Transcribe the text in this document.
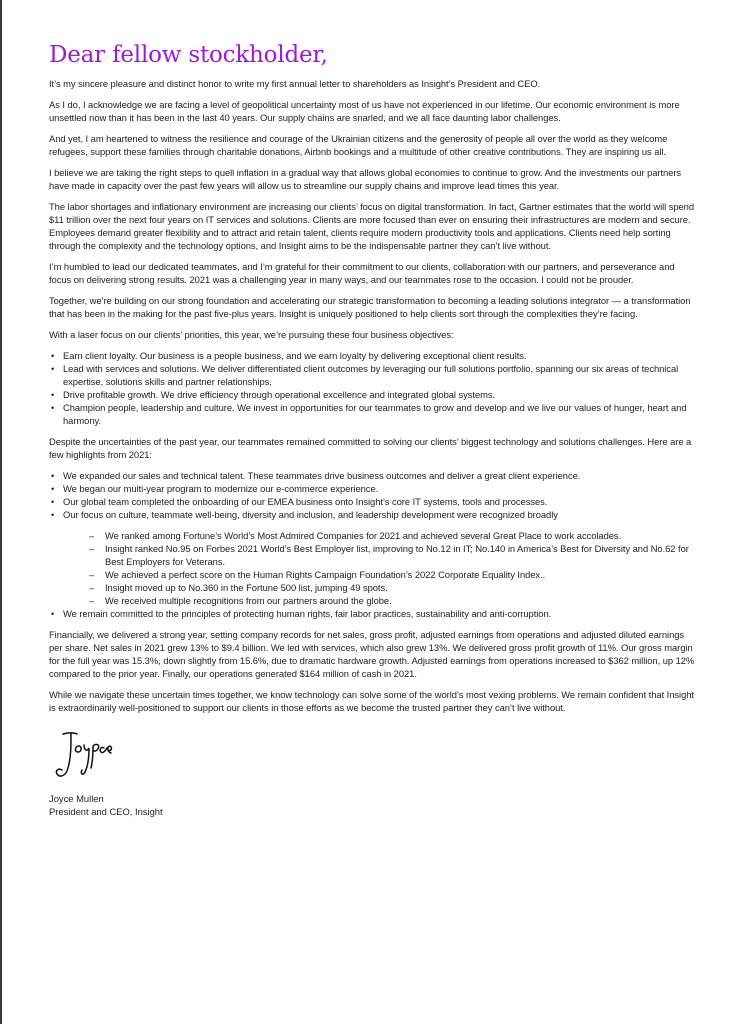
Dear fellow stockholder,

It’s my sincere pleasure and distinct honor to write my first annual letter to shareholders as Insight’s President and CEO.

As I do, I acknowledge we are facing a level of geopolitical uncertainty most of us have not experienced in our lifetime. Our economic environment is more unsettled now than it has been in the last 40 years. Our supply chains are snarled, and we all face daunting labor challenges.

And yet, I am heartened to witness the resilience and courage of the Ukrainian citizens and the generosity of people all over the world as they welcome refugees, support these families through charitable donations, Airbnb bookings and a multitude of other creative contributions. They are inspiring us all.

I believe we are taking the right steps to quell inflation in a gradual way that allows global economies to continue to grow. And the investments our partners have made in capacity over the past few years will allow us to streamline our supply chains and improve lead times this year.

The labor shortages and inflationary environment are increasing our clients’ focus on digital transformation. In fact, Gartner estimates that the world will spend $11 trillion over the next four years on IT services and solutions. Clients are more focused than ever on ensuring their infrastructures are modern and secure. Employees demand greater flexibility and to attract and retain talent, clients require modern productivity tools and applications. Clients need help sorting through the complexity and the technology options, and Insight aims to be the indispensable partner they can’t live without.

I’m humbled to lead our dedicated teammates, and I’m grateful for their commitment to our clients, collaboration with our partners, and perseverance and focus on delivering strong results. 2021 was a challenging year in many ways, and our teammates rose to the occasion. I could not be prouder.

Together, we’re building on our strong foundation and accelerating our strategic transformation to becoming a leading solutions integrator — a transformation that has been in the making for the past five-plus years. Insight is uniquely positioned to help clients sort through the complexities they’re facing.

With a laser focus on our clients’ priorities, this year, we’re pursuing these four business objectives:

• Earn client loyalty. Our business is a people business, and we earn loyalty by delivering exceptional client results.
• Lead with services and solutions. We deliver differentiated client outcomes by leveraging our full solutions portfolio, spanning our six areas of technical expertise, solutions skills and partner relationships.
• Drive profitable growth. We drive efficiency through operational excellence and integrated global systems.
• Champion people, leadership and culture. We invest in opportunities for our teammates to grow and develop and we live our values of hunger, heart and harmony.

Despite the uncertainties of the past year, our teammates remained committed to solving our clients’ biggest technology and solutions challenges. Here are a few highlights from 2021:

• We expanded our sales and technical talent. These teammates drive business outcomes and deliver a great client experience.
• We began our multi-year program to modernize our e-commerce experience.
• Our global team completed the onboarding of our EMEA business onto Insight’s core IT systems, tools and processes.
• Our focus on culture, teammate well-being, diversity and inclusion, and leadership development were recognized broadly
– We ranked among Fortune’s World’s Most Admired Companies for 2021 and achieved several Great Place to work accolades.
– Insight ranked No.95 on Forbes 2021 World’s Best Employer list, improving to No.12 in IT; No.140 in America’s Best for Diversity and No.62 for Best Employers for Veterans.
– We achieved a perfect score on the Human Rights Campaign Foundation’s 2022 Corporate Equality Index..
– Insight moved up to No.360 in the Fortune 500 list, jumping 49 spots.
– We received multiple recognitions from our partners around the globe.
• We remain committed to the principles of protecting human rights, fair labor practices, sustainability and anti-corruption.

Financially, we delivered a strong year, setting company records for net sales, gross profit, adjusted earnings from operations and adjusted diluted earnings per share. Net sales in 2021 grew 13% to $9.4 billion. We led with services, which also grew 13%. We delivered gross profit growth of 11%. Our gross margin for the full year was 15.3%, down slightly from 15.6%, due to dramatic hardware growth. Adjusted earnings from operations increased to $362 million, up 12% compared to the prior year. Finally, our operations generated $164 million of cash in 2021.

While we navigate these uncertain times together, we know technology can solve some of the world’s most vexing problems. We remain confident that Insight is extraordinarily well-positioned to support our clients in those efforts as we become the trusted partner they can’t live without.

Joyce Mullen
President and CEO, Insight
